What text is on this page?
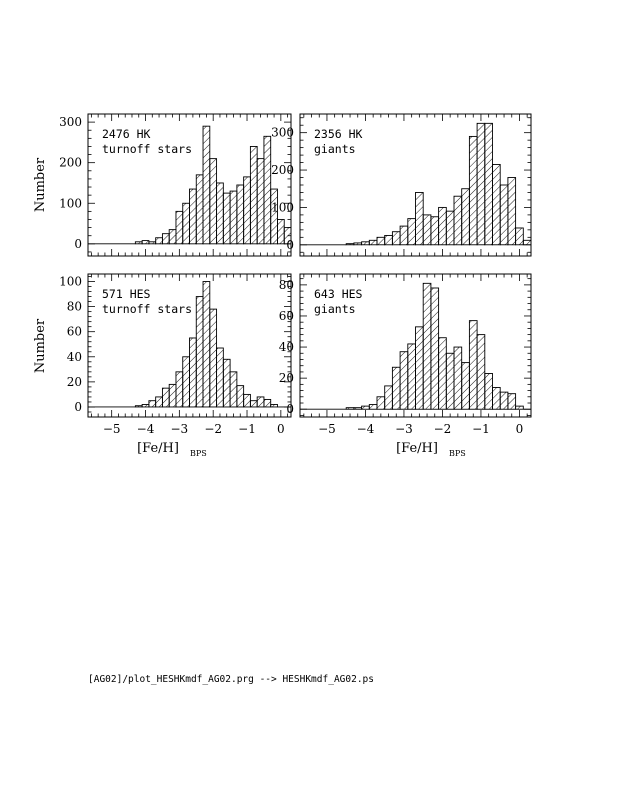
0
100
200
300
2476 HK
turnoff stars
0
100
200
300 2356 HK
giants
0
20
40
60
80
100
−5 −4 −3 −2 −1 0
571 HES
turnoff stars
0
20
40
60
80
−5 −4 −3 −2 −1 0
643 HES
giants
Number
Number
[Fe/H] BPS	[Fe/H] BPS
[AG02]/plot_HESHKmdf_AG02.prg --> HESHKmdf_AG02.ps
